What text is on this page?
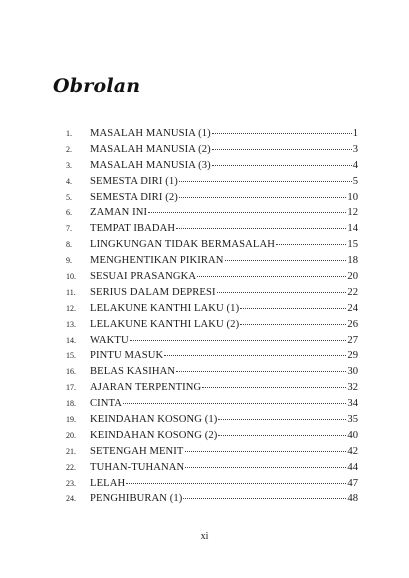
Obrolan
1.	MASALAH MANUSIA (1)	1
2.	MASALAH MANUSIA (2)	3
3.	MASALAH MANUSIA (3)	4
4.	SEMESTA DIRI (1)	5
5.	SEMESTA DIRI (2)	10
6.	ZAMAN INI	12
7.	TEMPAT IBADAH	14
8.	LINGKUNGAN TIDAK BERMASALAH	15
9.	MENGHENTIKAN PIKIRAN	18
10.	SESUAI PRASANGKA	20
11.	SERIUS DALAM DEPRESI	22
12.	LELAKUNE KANTHI LAKU (1)	24
13.	LELAKUNE KANTHI LAKU (2)	26
14.	WAKTU	27
15.	PINTU MASUK	29
16.	BELAS KASIHAN	30
17.	AJARAN TERPENTING	32
18.	CINTA	34
19.	KEINDAHAN KOSONG (1)	35
20.	KEINDAHAN KOSONG (2)	40
21.	SETENGAH MENIT	42
22.	TUHAN-TUHANAN	44
23.	LELAH	47
24.	PENGHIBURAN (1)	48

xi
